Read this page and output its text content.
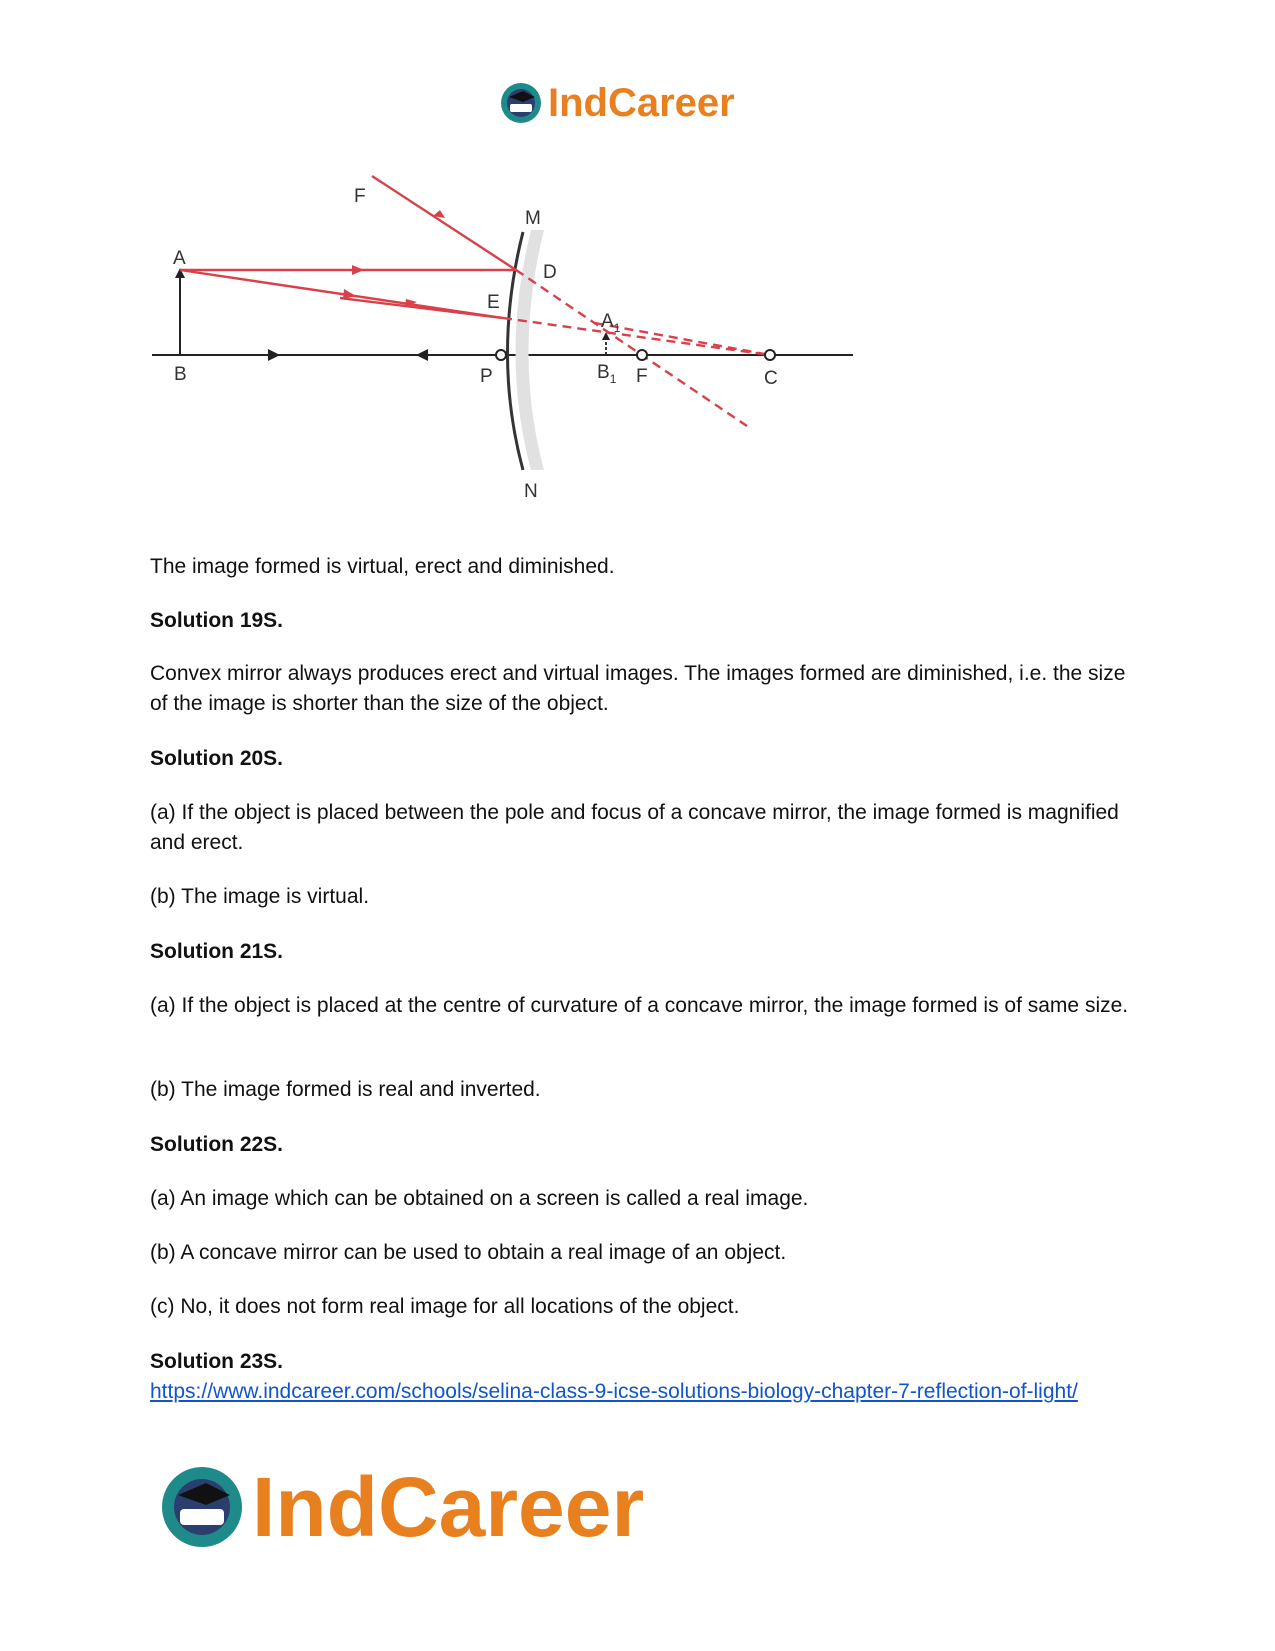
IndCareer
F
M
A
D
E
$A_1$
B	P	$B_1$ F	C
N

The image formed is virtual, erect and diminished.

Solution 19S.

Convex mirror always produces erect and virtual images. The images formed are diminished, i.e. the size of the image is shorter than the size of the object.

Solution 20S.

(a) If the object is placed between the pole and focus of a concave mirror, the image formed is magnified and erect.

(b) The image is virtual.

Solution 21S.

(a) If the object is placed at the centre of curvature of a concave mirror, the image formed is of same size.

(b) The image formed is real and inverted.

Solution 22S.

(a) An image which can be obtained on a screen is called a real image.

(b) A concave mirror can be used to obtain a real image of an object.

(c) No, it does not form real image for all locations of the object.

Solution 23S.

https://www.indcareer.com/schools/selina-class-9-icse-solutions-biology-chapter-7-reflection-of-light/

IndCareer
